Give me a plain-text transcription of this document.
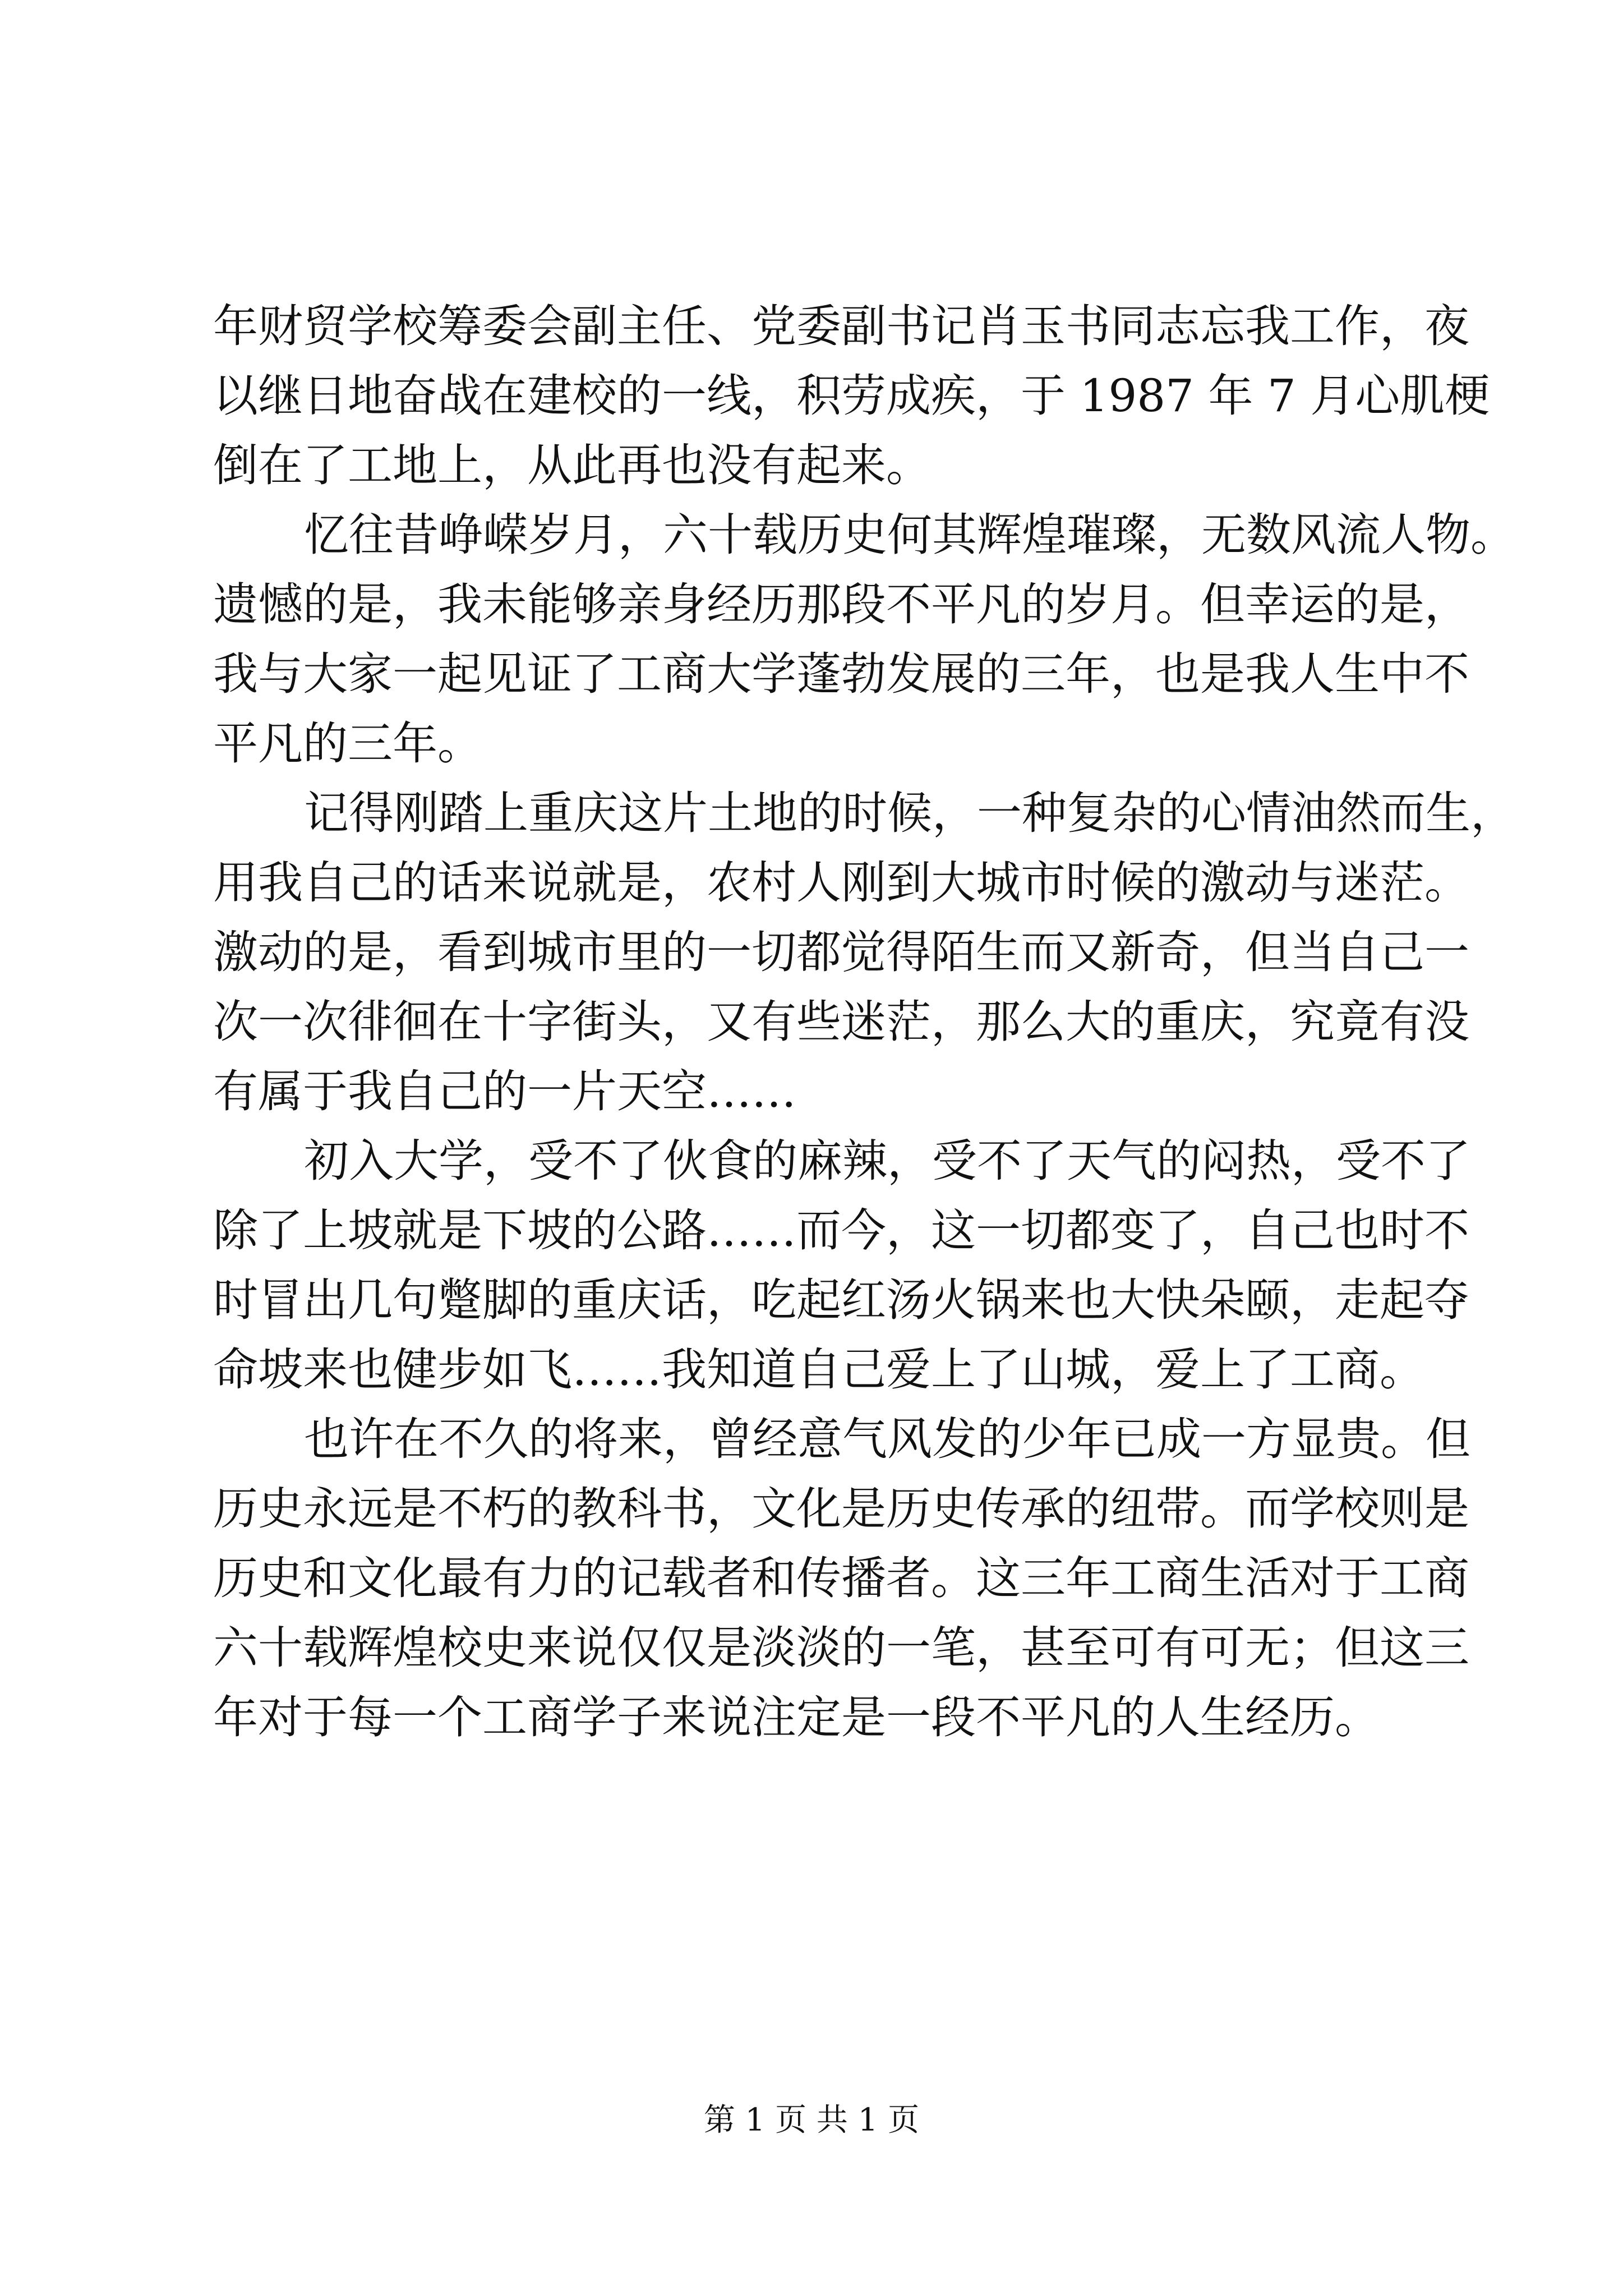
年财贸学校筹委会副主任、党委副书记肖玉书同志忘我工作，夜
以继日地奋战在建校的一线，积劳成疾，于 1987 年 7 月心肌梗
倒在了工地上，从此再也没有起来。
忆往昔峥嵘岁月，六十载历史何其辉煌璀璨，无数风流人物。
遗憾的是，我未能够亲身经历那段不平凡的岁月。但幸运的是，
我与大家一起见证了工商大学蓬勃发展的三年，也是我人生中不
平凡的三年。
记得刚踏上重庆这片土地的时候，一种复杂的心情油然而生，
用我自己的话来说就是，农村人刚到大城市时候的激动与迷茫。
激动的是，看到城市里的一切都觉得陌生而又新奇，但当自己一
次一次徘徊在十字街头，又有些迷茫，那么大的重庆，究竟有没
有属于我自己的一片天空……
初入大学，受不了伙食的麻辣，受不了天气的闷热，受不了
除了上坡就是下坡的公路……而今，这一切都变了，自己也时不
时冒出几句蹩脚的重庆话，吃起红汤火锅来也大快朵颐，走起夺
命坡来也健步如飞……我知道自己爱上了山城，爱上了工商。
也许在不久的将来，曾经意气风发的少年已成一方显贵。但
历史永远是不朽的教科书，文化是历史传承的纽带。而学校则是
历史和文化最有力的记载者和传播者。这三年工商生活对于工商
六十载辉煌校史来说仅仅是淡淡的一笔，甚至可有可无；但这三
年对于每一个工商学子来说注定是一段不平凡的人生经历。
第 1 页 共 1 页
